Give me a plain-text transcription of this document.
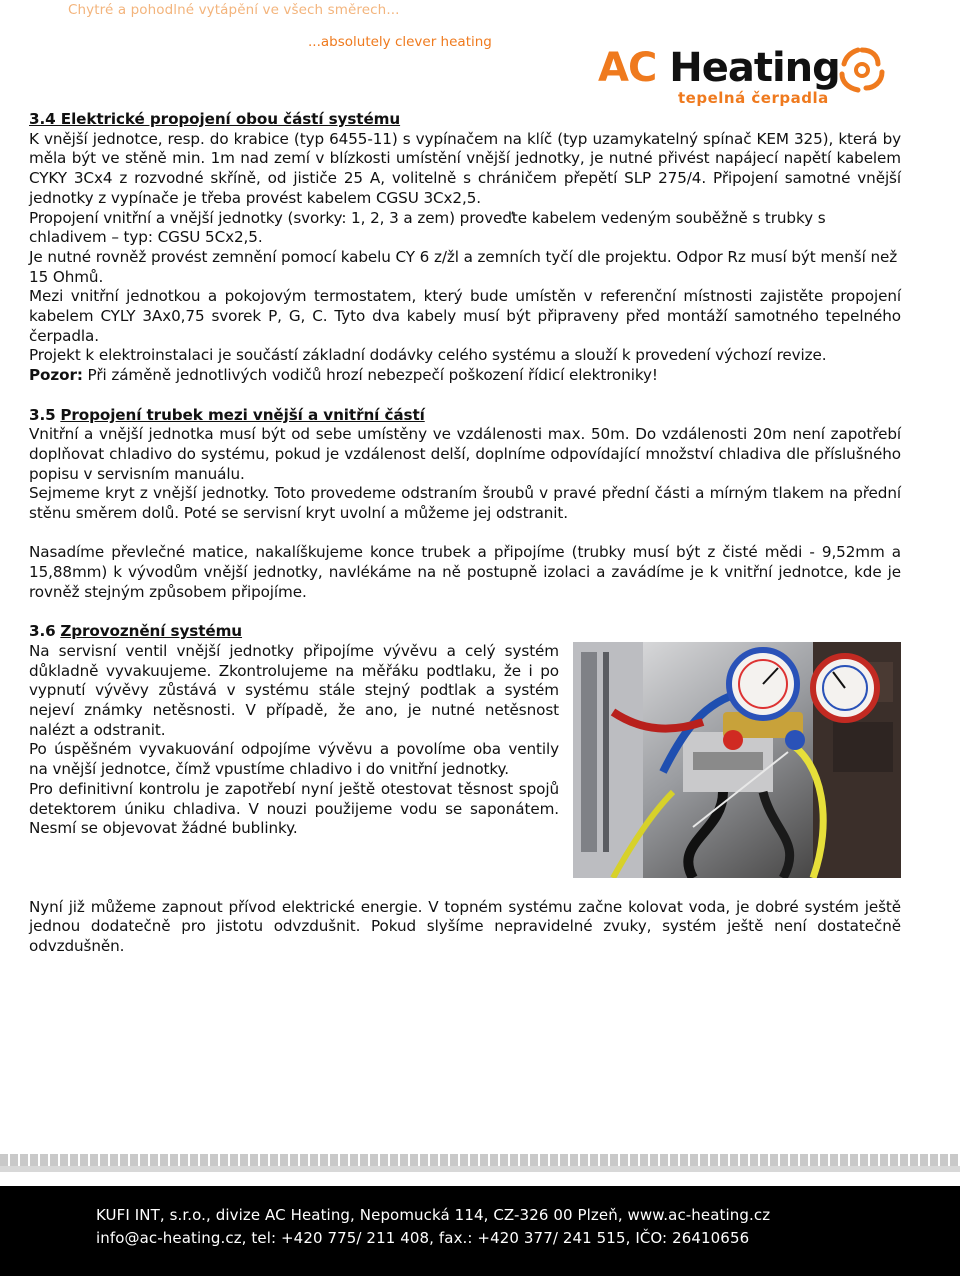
Chytré a pohodlné vytápění ve všech směrech...
...absolutely clever heating
AC Heating
tepelná čerpadla

3.4 Elektrické propojení obou částí systému

K vnější jednotce, resp. do krabice (typ 6455-11) s vypínačem na klíč (typ uzamykatelný spínač KEM 325), která by měla být ve stěně min. 1m nad zemí v blízkosti umístění vnější jednotky, je nutné přivést napájecí napětí kabelem CYKY 3Cx4 z rozvodné skříně, od jističe 25 A, volitelně s chráničem přepětí SLP 275/4. Připojení samotné vnější jednotky z vypínače je třeba provést kabelem CGSU 3Cx2,5.

Propojení vnitřní a vnější jednotky (svorky: 1, 2, 3 a zem) proveďte kabelem vedeným souběžně s trubky s chladivem – typ: CGSU 5Cx2,5.

Je nutné rovněž provést zemnění pomocí kabelu CY 6 z/žl a zemních tyčí dle projektu. Odpor Rz musí být menší než 15 Ohmů.

Mezi vnitřní jednotkou a pokojovým termostatem, který bude umístěn v referenční místnosti zajistěte propojení kabelem CYLY 3Ax0,75 svorek P, G, C. Tyto dva kabely musí být připraveny před montáží samotného tepelného čerpadla.

Projekt k elektroinstalaci je součástí základní dodávky celého systému a slouží k provedení výchozí revize.

Pozor: Při záměně jednotlivých vodičů hrozí nebezpečí poškození řídicí elektroniky!

3.5 Propojení trubek mezi vnější a vnitřní částí

Vnitřní a vnější jednotka musí být od sebe umístěny ve vzdálenosti max. 50m. Do vzdálenosti 20m není zapotřebí doplňovat chladivo do systému, pokud je vzdálenost delší, doplníme odpovídající množství chladiva dle příslušného popisu v servisním manuálu.

Sejmeme kryt z vnější jednotky. Toto provedeme odstraním šroubů v pravé přední části a mírným tlakem na přední stěnu směrem dolů. Poté se servisní kryt uvolní a můžeme jej odstranit.

Nasadíme převlečné matice, nakalíškujeme konce trubek a připojíme (trubky musí být z čisté mědi - 9,52mm a 15,88mm) k vývodům vnější jednotky, navlékáme na ně postupně izolaci a zavádíme je k vnitřní jednotce, kde je rovněž stejným způsobem připojíme.

3.6 Zprovoznění systému

Na servisní ventil vnější jednotky připojíme vývěvu a celý systém důkladně vyvakuujeme. Zkontrolujeme na měřáku podtlaku, že i po vypnutí vývěvy zůstává v systému stále stejný podtlak a systém nejeví známky netěsnosti. V případě, že ano, je nutné netěsnost nalézt a odstranit.

Po úspěšném vyvakuování odpojíme vývěvu a povolíme oba ventily na vnější jednotce, čímž vpustíme chladivo i do vnitřní jednotky.

Pro definitivní kontrolu je zapotřebí nyní ještě otestovat těsnost spojů detektorem úniku chladiva. V nouzi použijeme vodu se saponátem. Nesmí se objevovat žádné bublinky.

Nyní již můžeme zapnout přívod elektrické energie. V topném systému začne kolovat voda, je dobré systém ještě jednou dodatečně pro jistotu odvzdušnit. Pokud slyšíme nepravidelné zvuky, systém ještě není dostatečně odvzdušněn.

KUFI INT, s.r.o., divize AC Heating, Nepomucká 114, CZ-326 00 Plzeň, www.ac-heating.cz
info@ac-heating.cz, tel: +420 775/ 211 408, fax.: +420 377/ 241 515, IČO: 26410656
